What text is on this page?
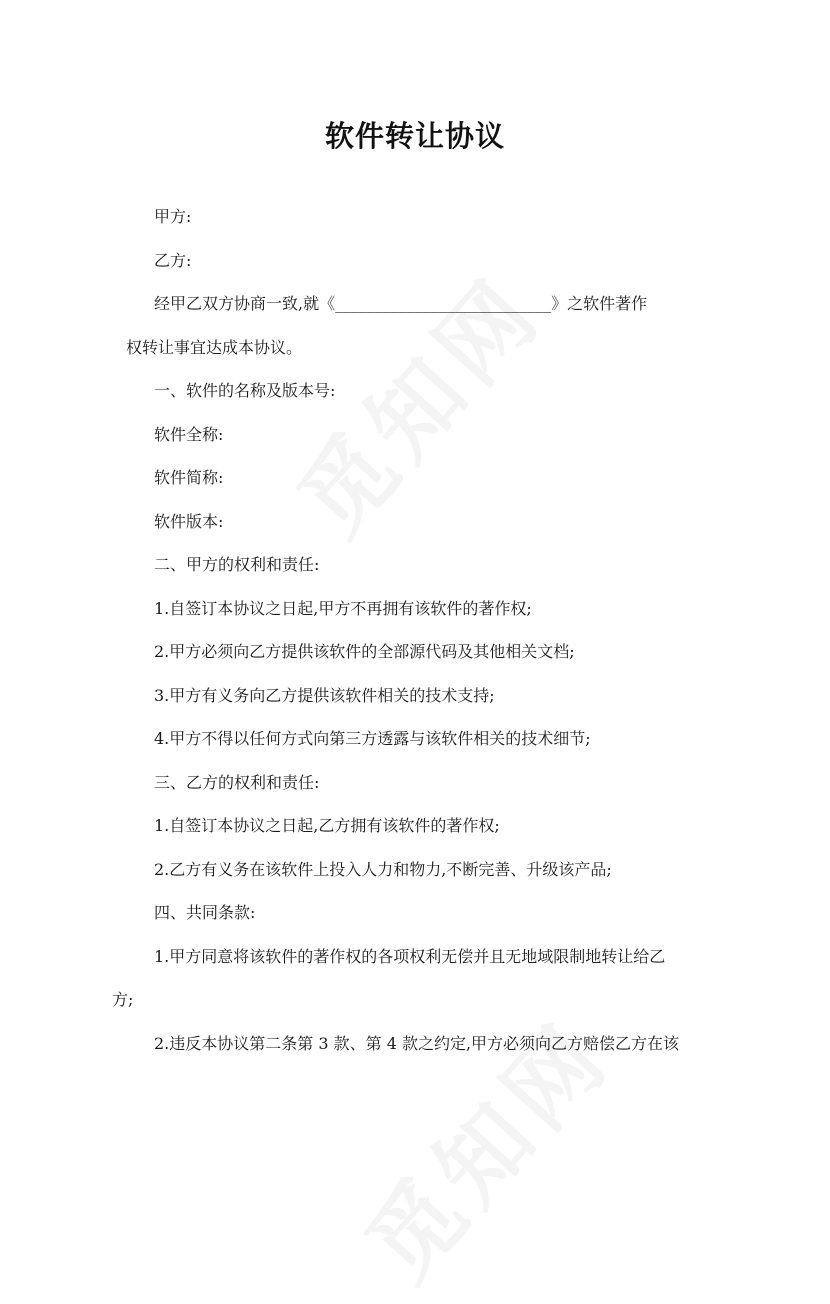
软件转让协议

甲方:

乙方:

经甲乙双方协商一致,就《___________________________》之软件著作

权转让事宜达成本协议。

一、软件的名称及版本号:

软件全称:

软件简称:

软件版本:

二、甲方的权利和责任:

1.自签订本协议之日起,甲方不再拥有该软件的著作权;

2.甲方必须向乙方提供该软件的全部源代码及其他相关文档;

3.甲方有义务向乙方提供该软件相关的技术支持;

4.甲方不得以任何方式向第三方透露与该软件相关的技术细节;

三、乙方的权利和责任:

1.自签订本协议之日起,乙方拥有该软件的著作权;

2.乙方有义务在该软件上投入人力和物力,不断完善、升级该产品;

四、共同条款:

1.甲方同意将该软件的著作权的各项权利无偿并且无地域限制地转让给乙

方;

2.违反本协议第二条第 3 款、第 4 款之约定,甲方必须向乙方赔偿乙方在该
